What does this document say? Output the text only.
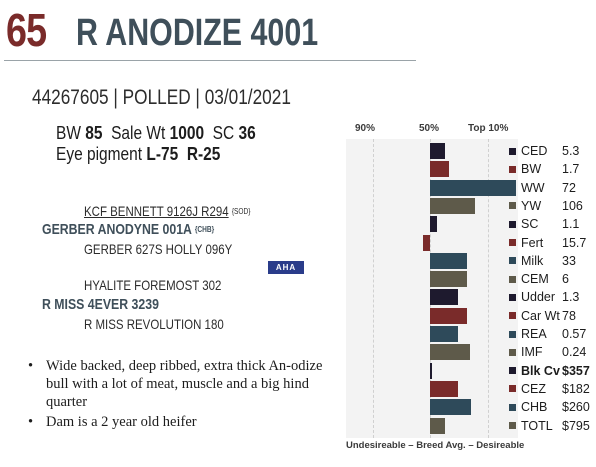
65 R ANODIZE 4001
44267605 | POLLED | 03/01/2021
BW 85 Sale Wt 1000 SC 36
Eye pigment L-75 R-25
KCF BENNETT 9126J R294 $^{\{SOD\}}$
GERBER ANODYNE 001A $^{\{CHB\}}$
GERBER 627S HOLLY 096Y
AHA GE-EPD
HYALITE FOREMOST 302
R MISS 4EVER 3239
R MISS REVOLUTION 180
• Wide backed, deep ribbed, extra thick An-odize bull with a lot of meat, muscle and a big hind quarter
• Dam is a 2 year old heifer
90%	50%	Top 10%
CED 5.3
BW 1.7
WW 72
YW 106
SC 1.1
Fert 15.7
Milk 33
CEM 6
Udder 1.3
Car Wt 78
REA 0.57
IMF 0.24
Blk Cv $357
CEZ $182
CHB $260
TOTL $795
Undesireable – Breed Avg. – Desireable
